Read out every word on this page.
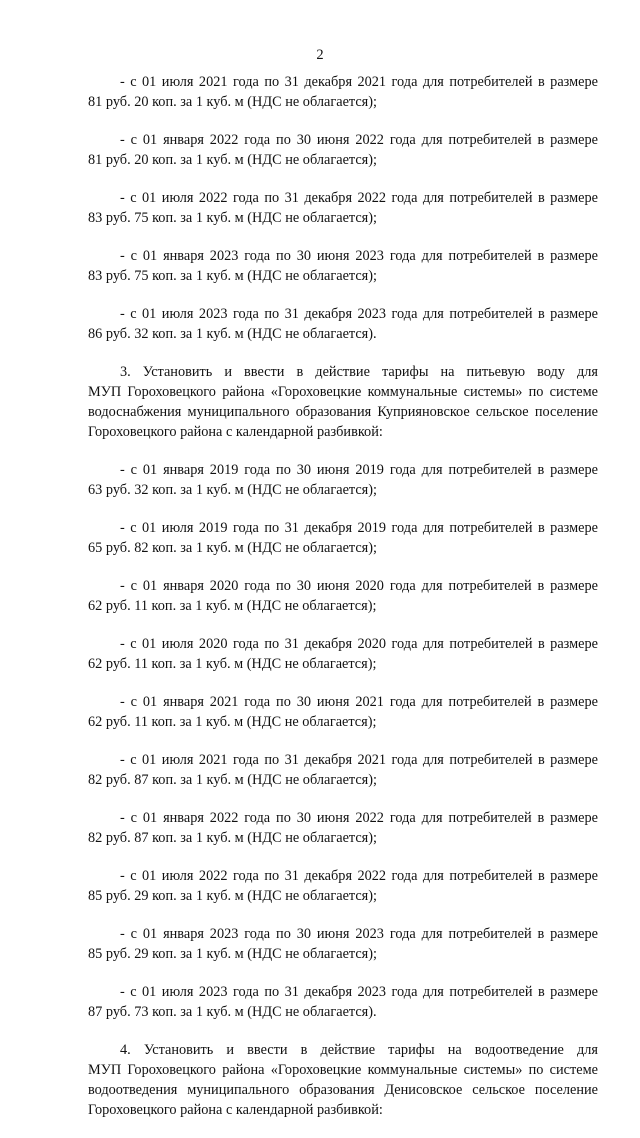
2
- с 01 июля 2021 года по 31 декабря 2021 года для потребителей в размере
81 руб. 20 коп. за 1 куб. м (НДС не облагается);
- с 01 января 2022 года по 30 июня 2022 года для потребителей в размере
81 руб. 20 коп. за 1 куб. м (НДС не облагается);
- с 01 июля 2022 года по 31 декабря 2022 года для потребителей в размере
83 руб. 75 коп. за 1 куб. м (НДС не облагается);
- с 01 января 2023 года по 30 июня 2023 года для потребителей в размере
83 руб. 75 коп. за 1 куб. м (НДС не облагается);
- с 01 июля 2023 года по 31 декабря 2023 года для потребителей в размере
86 руб. 32 коп. за 1 куб. м (НДС не облагается).
3. Установить и ввести в действие тарифы на питьевую воду для
МУП Гороховецкого района «Гороховецкие коммунальные системы» по системе
водоснабжения муниципального образования Куприяновское сельское поселение
Гороховецкого района с календарной разбивкой:
- с 01 января 2019 года по 30 июня 2019 года для потребителей в размере
63 руб. 32 коп. за 1 куб. м (НДС не облагается);
- с 01 июля 2019 года по 31 декабря 2019 года для потребителей в размере
65 руб. 82 коп. за 1 куб. м (НДС не облагается);
- с 01 января 2020 года по 30 июня 2020 года для потребителей в размере
62 руб. 11 коп. за 1 куб. м (НДС не облагается);
- с 01 июля 2020 года по 31 декабря 2020 года для потребителей в размере
62 руб. 11 коп. за 1 куб. м (НДС не облагается);
- с 01 января 2021 года по 30 июня 2021 года для потребителей в размере
62 руб. 11 коп. за 1 куб. м (НДС не облагается);
- с 01 июля 2021 года по 31 декабря 2021 года для потребителей в размере
82 руб. 87 коп. за 1 куб. м (НДС не облагается);
- с 01 января 2022 года по 30 июня 2022 года для потребителей в размере
82 руб. 87 коп. за 1 куб. м (НДС не облагается);
- с 01 июля 2022 года по 31 декабря 2022 года для потребителей в размере
85 руб. 29 коп. за 1 куб. м (НДС не облагается);
- с 01 января 2023 года по 30 июня 2023 года для потребителей в размере
85 руб. 29 коп. за 1 куб. м (НДС не облагается);
- с 01 июля 2023 года по 31 декабря 2023 года для потребителей в размере
87 руб. 73 коп. за 1 куб. м (НДС не облагается).
4. Установить и ввести в действие тарифы на водоотведение для
МУП Гороховецкого района «Гороховецкие коммунальные системы» по системе
водоотведения муниципального образования Денисовское сельское поселение
Гороховецкого района с календарной разбивкой:
